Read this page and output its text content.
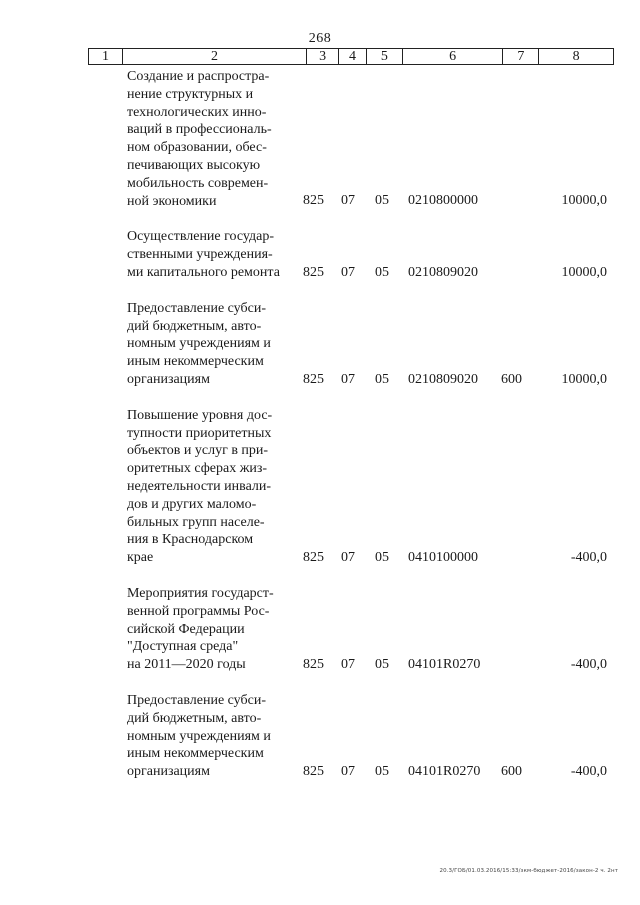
268
1	2	3	4	5	6	7	8
Создание и распростра-
нение структурных и
технологических инно-
ваций в профессиональ-
ном образовании, обес-
печивающих высокую
мобильность современ-
ной экономики	825 07 05 0210800000	10000,0
Осуществление государ-
ственными учреждения-
ми капитального ремонта	825 07 05 0210809020	10000,0
Предоставление субси-
дий бюджетным, авто-
номным учреждениям и
иным некоммерческим
организациям	825 07 05 0210809020 600	10000,0
Повышение уровня дос-
тупности приоритетных
объектов и услуг в при-
оритетных сферах жиз-
недеятельности инвали-
дов и других маломо-
бильных групп населе-
ния в Краснодарском
крае	825 07 05 0410100000	-400,0
Мероприятия государст-
венной программы Рос-
сийской Федерации
"Доступная среда"
на 2011—2020 годы	825 07 05 04101R0270	-400,0
Предоставление субси-
дий бюджетным, авто-
номным учреждениям и
иным некоммерческим
организациям	825 07 05 04101R0270 600	-400,0
20.3/ГОБ/01.03.2016/15:33/зкм-бюджет-2016/закон-2 ч. 2нт
